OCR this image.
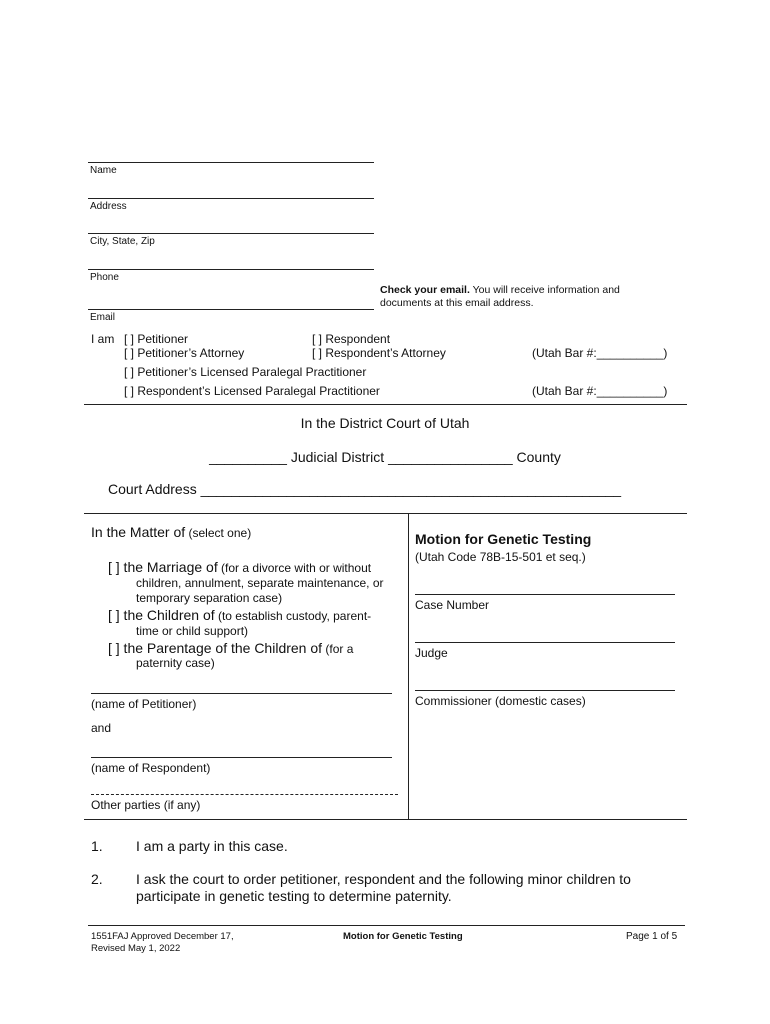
Name
Address
City, State, Zip
Phone
Email
Check your email. You will receive information and documents at this email address.
I am [ ] Petitioner	[ ] Respondent
[ ] Petitioner’s Attorney	[ ] Respondent’s Attorney	(Utah Bar #:__________)
[ ] Petitioner’s Licensed Paralegal Practitioner
[ ] Respondent’s Licensed Paralegal Practitioner	(Utah Bar #:__________)
In the District Court of Utah
__________ Judicial District ________________ County
Court Address ______________________________________________________
In the Matter of (select one)
[ ] the Marriage of (for a divorce with or without
children, annulment, separate maintenance, or
temporary separation case)
[ ] the Children of (to establish custody, parent-
time or child support)
[ ] the Parentage of the Children of (for a
paternity case)
(name of Petitioner)
and
(name of Respondent)
Other parties (if any)
Motion for Genetic Testing
(Utah Code 78B-15-501 et seq.)
Case Number
Judge
Commissioner (domestic cases)
1. I am a party in this case.
2. I ask the court to order petitioner, respondent and the following minor children to
participate in genetic testing to determine paternity.
1551FAJ Approved December 17,
Revised May 1, 2022
Motion for Genetic Testing	Page 1 of 5
